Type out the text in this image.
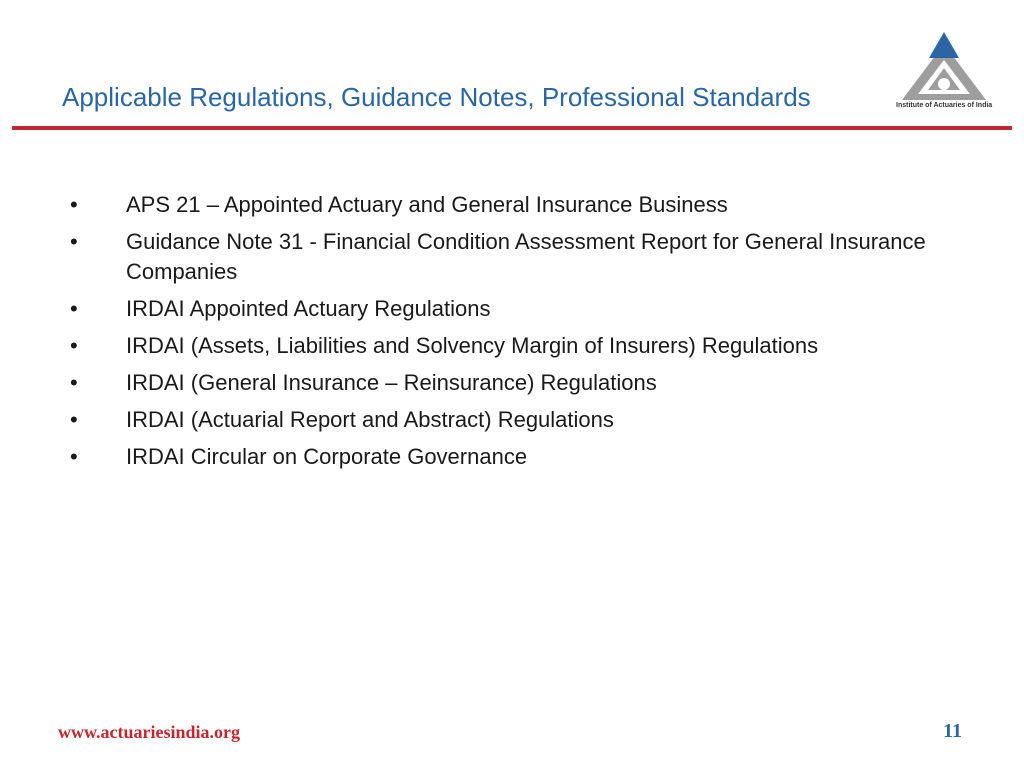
Applicable Regulations, Guidance Notes, Professional Standards	Institute of Actuaries of India
• APS 21 – Appointed Actuary and General Insurance Business
• Guidance Note 31 - Financial Condition Assessment Report for General Insurance Companies
• IRDAI Appointed Actuary Regulations
• IRDAI (Assets, Liabilities and Solvency Margin of Insurers) Regulations
• IRDAI (General Insurance – Reinsurance) Regulations
• IRDAI (Actuarial Report and Abstract) Regulations
• IRDAI Circular on Corporate Governance
www.actuariesindia.org	11
